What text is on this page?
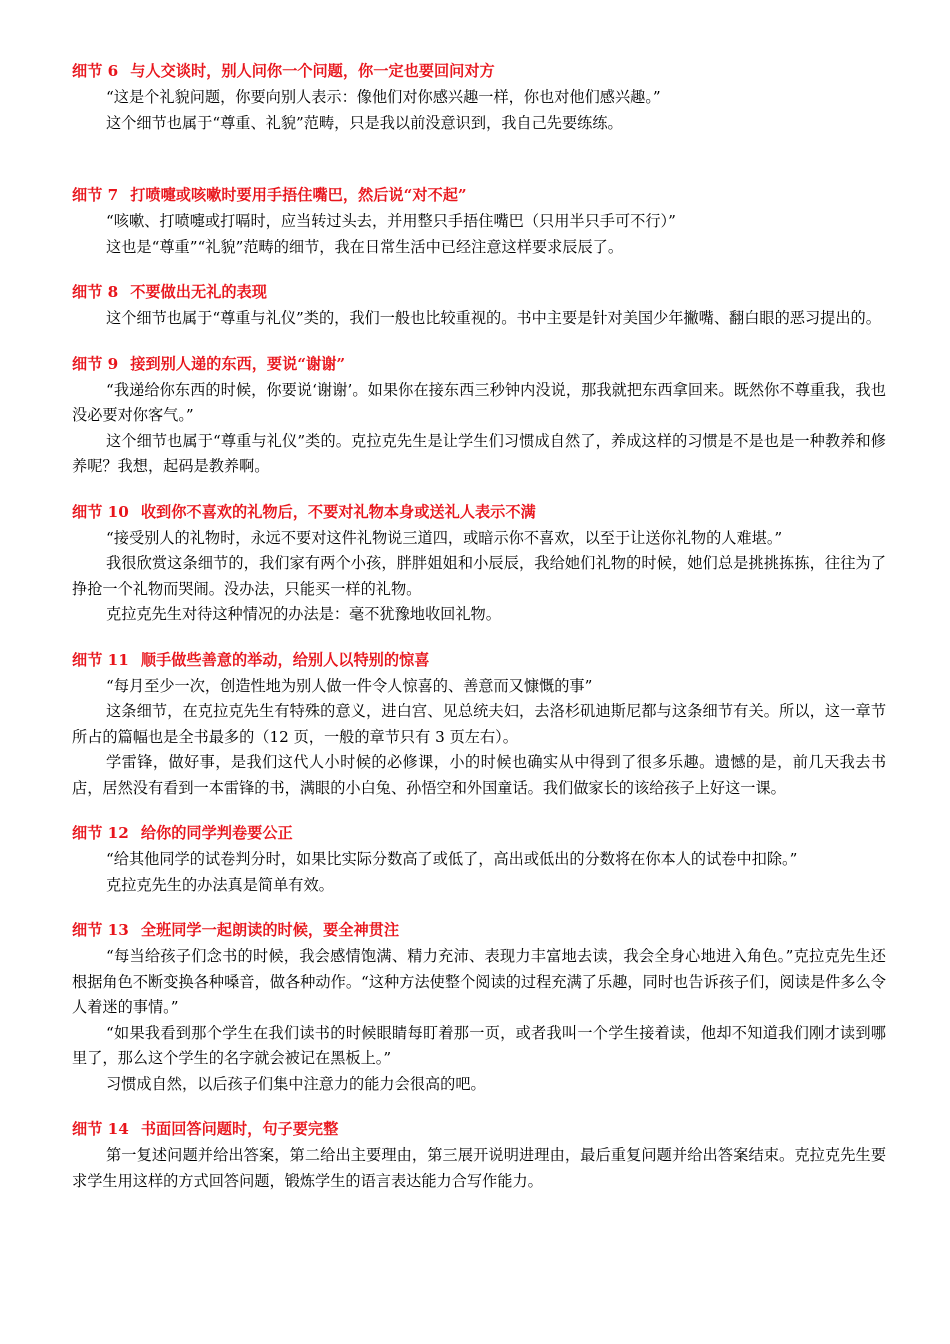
细节 6 与人交谈时，别人问你一个问题，你一定也要回问对方

“这是个礼貌问题，你要向别人表示：像他们对你感兴趣一样，你也对他们感兴趣。”

这个细节也属于“尊重、礼貌”范畴，只是我以前没意识到，我自己先要练练。

细节 7 打喷嚏或咳嗽时要用手捂住嘴巴，然后说“对不起”

“咳嗽、打喷嚏或打嗝时，应当转过头去，并用整只手捂住嘴巴（只用半只手可不行）”

这也是“尊重”“礼貌”范畴的细节，我在日常生活中已经注意这样要求辰辰了。

细节 8 不要做出无礼的表现

这个细节也属于“尊重与礼仪”类的，我们一般也比较重视的。书中主要是针对美国少年撇嘴、翻白眼的恶习提出的。

细节 9 接到别人递的东西，要说“谢谢”

“我递给你东西的时候，你要说‘谢谢’。如果你在接东西三秒钟内没说，那我就把东西拿回来。既然你不尊重我，我也没必要对你客气。”

这个细节也属于“尊重与礼仪”类的。克拉克先生是让学生们习惯成自然了，养成这样的习惯是不是也是一种教养和修养呢？我想，起码是教养啊。

细节 10 收到你不喜欢的礼物后，不要对礼物本身或送礼人表示不满

“接受别人的礼物时，永远不要对这件礼物说三道四，或暗示你不喜欢，以至于让送你礼物的人难堪。”

我很欣赏这条细节的，我们家有两个小孩，胖胖姐姐和小辰辰，我给她们礼物的时候，她们总是挑挑拣拣，往往为了挣抢一个礼物而哭闹。没办法，只能买一样的礼物。

克拉克先生对待这种情况的办法是：毫不犹豫地收回礼物。

细节 11 顺手做些善意的举动，给别人以特别的惊喜

“每月至少一次，创造性地为别人做一件令人惊喜的、善意而又慷慨的事”

这条细节，在克拉克先生有特殊的意义，进白宫、见总统夫妇，去洛杉矶迪斯尼都与这条细节有关。所以，这一章节所占的篇幅也是全书最多的（12 页，一般的章节只有 3 页左右）。

学雷锋，做好事，是我们这代人小时候的必修课，小的时候也确实从中得到了很多乐趣。遗憾的是，前几天我去书店，居然没有看到一本雷锋的书，满眼的小白兔、孙悟空和外国童话。我们做家长的该给孩子上好这一课。

细节 12 给你的同学判卷要公正

“给其他同学的试卷判分时，如果比实际分数高了或低了，高出或低出的分数将在你本人的试卷中扣除。”

克拉克先生的办法真是简单有效。

细节 13 全班同学一起朗读的时候，要全神贯注

“每当给孩子们念书的时候，我会感情饱满、精力充沛、表现力丰富地去读，我会全身心地进入角色。”克拉克先生还根据角色不断变换各种嗓音，做各种动作。“这种方法使整个阅读的过程充满了乐趣，同时也告诉孩子们，阅读是件多么令人着迷的事情。”

“如果我看到那个学生在我们读书的时候眼睛每盯着那一页，或者我叫一个学生接着读，他却不知道我们刚才读到哪里了，那么这个学生的名字就会被记在黑板上。”

习惯成自然，以后孩子们集中注意力的能力会很高的吧。

细节 14 书面回答问题时，句子要完整

第一复述问题并给出答案，第二给出主要理由，第三展开说明进理由，最后重复问题并给出答案结束。克拉克先生要求学生用这样的方式回答问题，锻炼学生的语言表达能力合写作能力。
